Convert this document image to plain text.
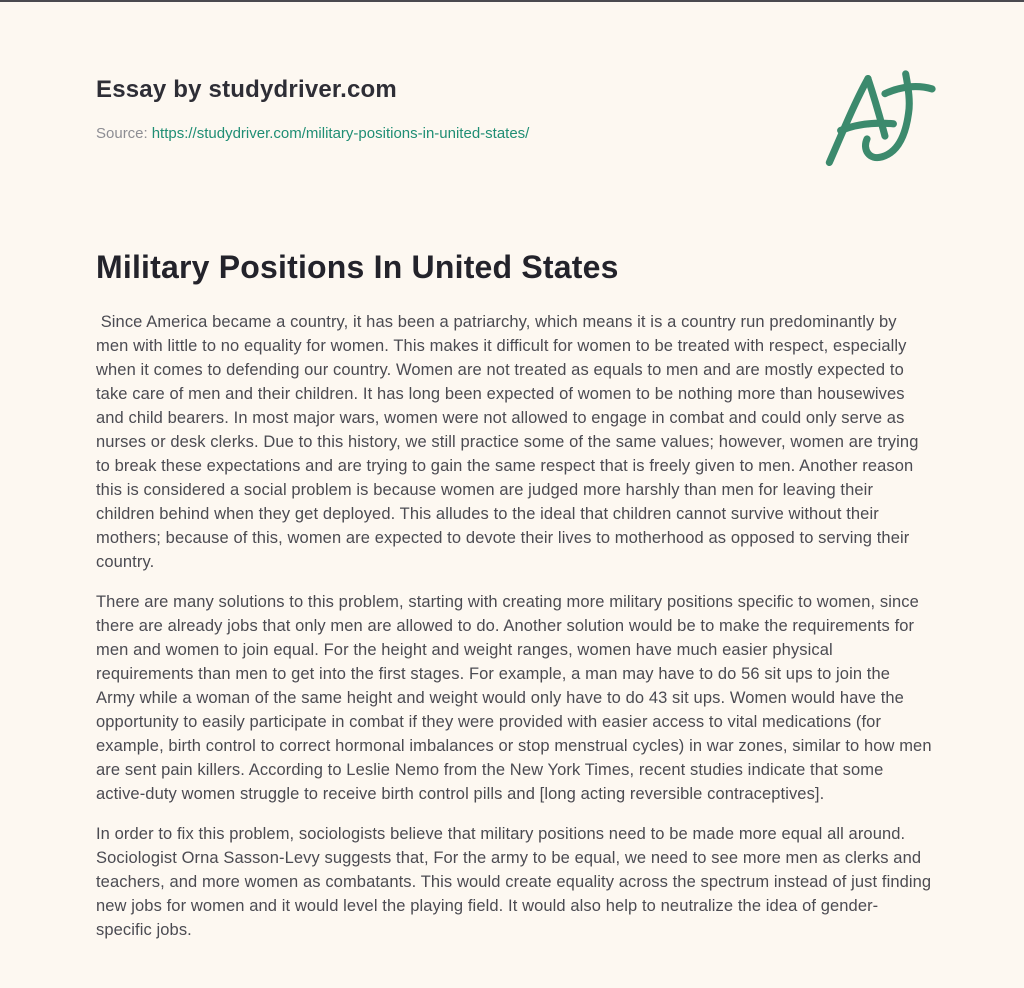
Essay by studydriver.com
Source: https://studydriver.com/military-positions-in-united-states/
Military Positions In United States

Since America became a country, it has been a patriarchy, which means it is a country run predominantly by men with little to no equality for women. This makes it difficult for women to be treated with respect, especially when it comes to defending our country. Women are not treated as equals to men and are mostly expected to take care of men and their children. It has long been expected of women to be nothing more than housewives and child bearers. In most major wars, women were not allowed to engage in combat and could only serve as nurses or desk clerks. Due to this history, we still practice some of the same values; however, women are trying to break these expectations and are trying to gain the same respect that is freely given to men. Another reason this is considered a social problem is because women are judged more harshly than men for leaving their children behind when they get deployed. This alludes to the ideal that children cannot survive without their mothers; because of this, women are expected to devote their lives to motherhood as opposed to serving their country.

There are many solutions to this problem, starting with creating more military positions specific to women, since there are already jobs that only men are allowed to do. Another solution would be to make the requirements for men and women to join equal. For the height and weight ranges, women have much easier physical requirements than men to get into the first stages. For example, a man may have to do 56 sit ups to join the Army while a woman of the same height and weight would only have to do 43 sit ups. Women would have the opportunity to easily participate in combat if they were provided with easier access to vital medications (for example, birth control to correct hormonal imbalances or stop menstrual cycles) in war zones, similar to how men are sent pain killers. According to Leslie Nemo from the New York Times, recent studies indicate that some active-duty women struggle to receive birth control pills and [long acting reversible contraceptives].

In order to fix this problem, sociologists believe that military positions need to be made more equal all around. Sociologist Orna Sasson-Levy suggests that, For the army to be equal, we need to see more men as clerks and teachers, and more women as combatants. This would create equality across the spectrum instead of just finding new jobs for women and it would level the playing field. It would also help to neutralize the idea of gender-specific jobs.
